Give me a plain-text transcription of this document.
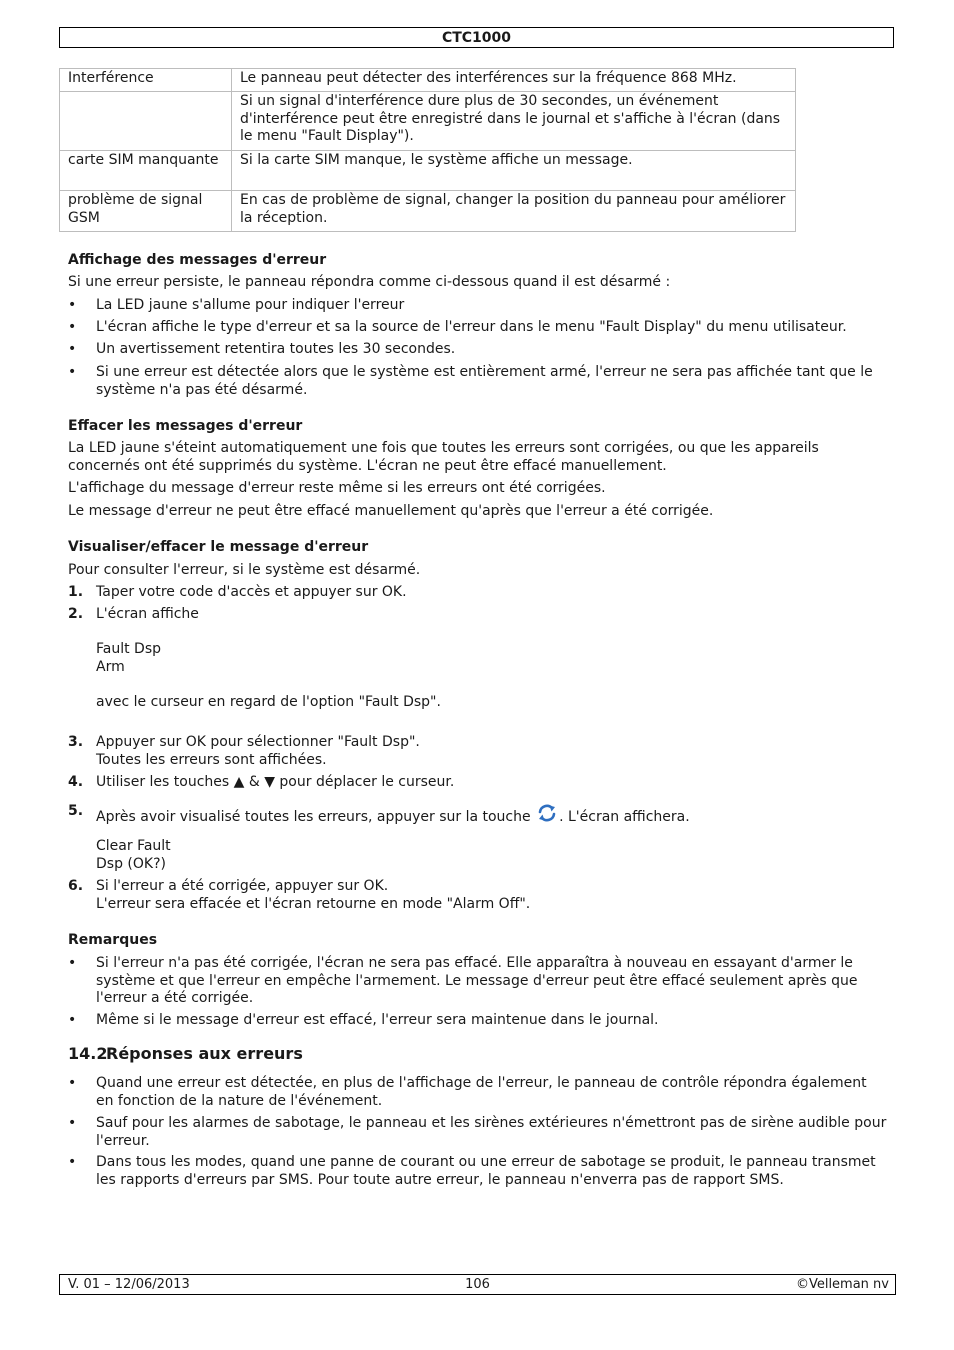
CTC1000
Interférence	Le panneau peut détecter des interférences sur la fréquence 868 MHz.
	Si un signal d'interférence dure plus de 30 secondes, un événement d'interférence peut être enregistré dans le journal et s'affiche à l'écran (dans le menu "Fault Display").
carte SIM manquante	Si la carte SIM manque, le système affiche un message.
problème de signal GSM	En cas de problème de signal, changer la position du panneau pour améliorer la réception.
Affichage des messages d'erreur
Si une erreur persiste, le panneau répondra comme ci-dessous quand il est désarmé :
• La LED jaune s'allume pour indiquer l'erreur
• L'écran affiche le type d'erreur et sa la source de l'erreur dans le menu "Fault Display" du menu utilisateur.
• Un avertissement retentira toutes les 30 secondes.
• Si une erreur est détectée alors que le système est entièrement armé, l'erreur ne sera pas affichée tant que le système n'a pas été désarmé.
Effacer les messages d'erreur
La LED jaune s'éteint automatiquement une fois que toutes les erreurs sont corrigées, ou que les appareils concernés ont été supprimés du système. L'écran ne peut être effacé manuellement.
L'affichage du message d'erreur reste même si les erreurs ont été corrigées.
Le message d'erreur ne peut être effacé manuellement qu'après que l'erreur a été corrigée.
Visualiser/effacer le message d'erreur
Pour consulter l'erreur, si le système est désarmé.
1. Taper votre code d'accès et appuyer sur OK.
2. L'écran affiche
Fault Dsp
Arm
avec le curseur en regard de l'option "Fault Dsp".
3. Appuyer sur OK pour sélectionner "Fault Dsp".
Toutes les erreurs sont affichées.
4. Utiliser les touches ▲ & ▼ pour déplacer le curseur.
5. Après avoir visualisé toutes les erreurs, appuyer sur la touche . L'écran affichera.
Clear Fault
Dsp (OK?)
6. Si l'erreur a été corrigée, appuyer sur OK.
L'erreur sera effacée et l'écran retourne en mode "Alarm Off".
Remarques
• Si l'erreur n'a pas été corrigée, l'écran ne sera pas effacé. Elle apparaîtra à nouveau en essayant d'armer le système et que l'erreur en empêche l'armement. Le message d'erreur peut être effacé seulement après que l'erreur a été corrigée.
• Même si le message d'erreur est effacé, l'erreur sera maintenue dans le journal.
14.2Réponses aux erreurs
• Quand une erreur est détectée, en plus de l'affichage de l'erreur, le panneau de contrôle répondra également en fonction de la nature de l'événement.
• Sauf pour les alarmes de sabotage, le panneau et les sirènes extérieures n'émettront pas de sirène audible pour l'erreur.
• Dans tous les modes, quand une panne de courant ou une erreur de sabotage se produit, le panneau transmet les rapports d'erreurs par SMS. Pour toute autre erreur, le panneau n'enverra pas de rapport SMS.
V. 01 – 12/06/2013	106	©Velleman nv
